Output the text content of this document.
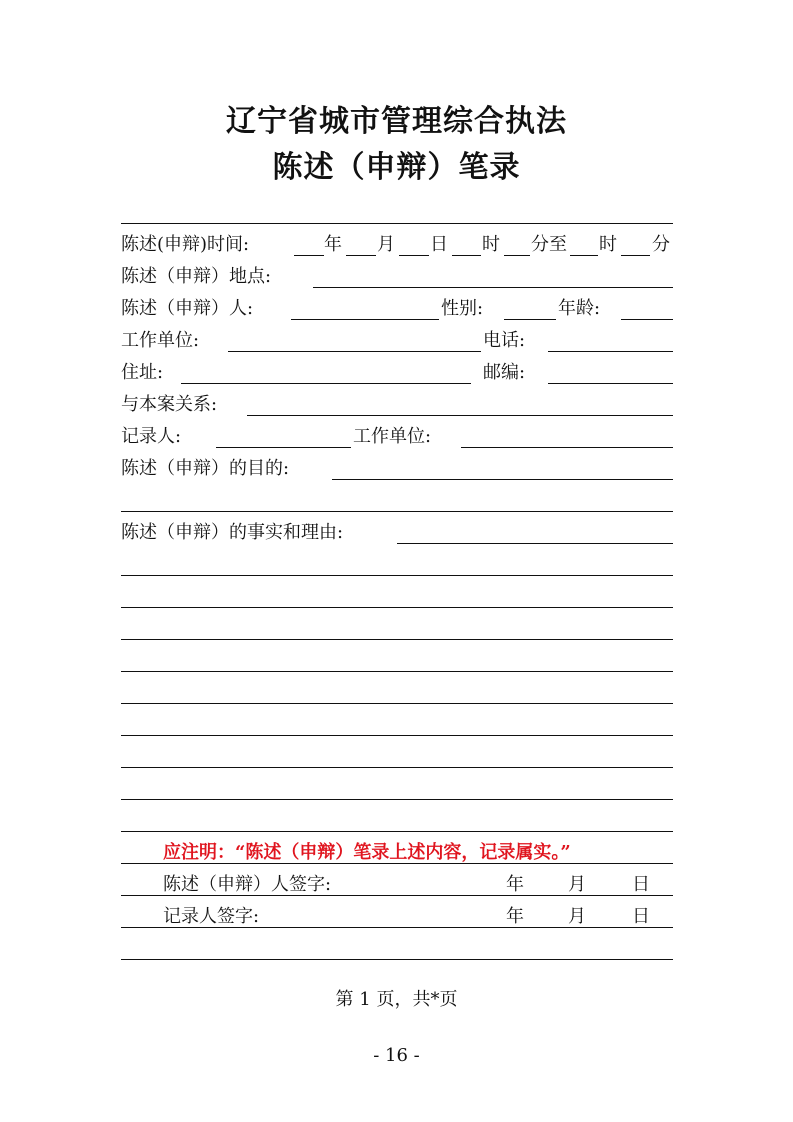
辽宁省城市管理综合执法
陈述（申辩）笔录
陈述(申辩)时间:	年 月 日 时 分至 时 分
陈述（申辩）地点:
陈述（申辩）人:	性别:	年龄:
工作单位:	电话:
住址:	邮编:
与本案关系:
记录人:	工作单位:
陈述（申辩）的目的:
陈述（申辩）的事实和理由:
应注明：“陈述（申辩）笔录上述内容，记录属实。”
陈述（申辩）人签字:	年 月	日
记录人签字:	年 月	日
第 1 页，共*页
- 16 -
